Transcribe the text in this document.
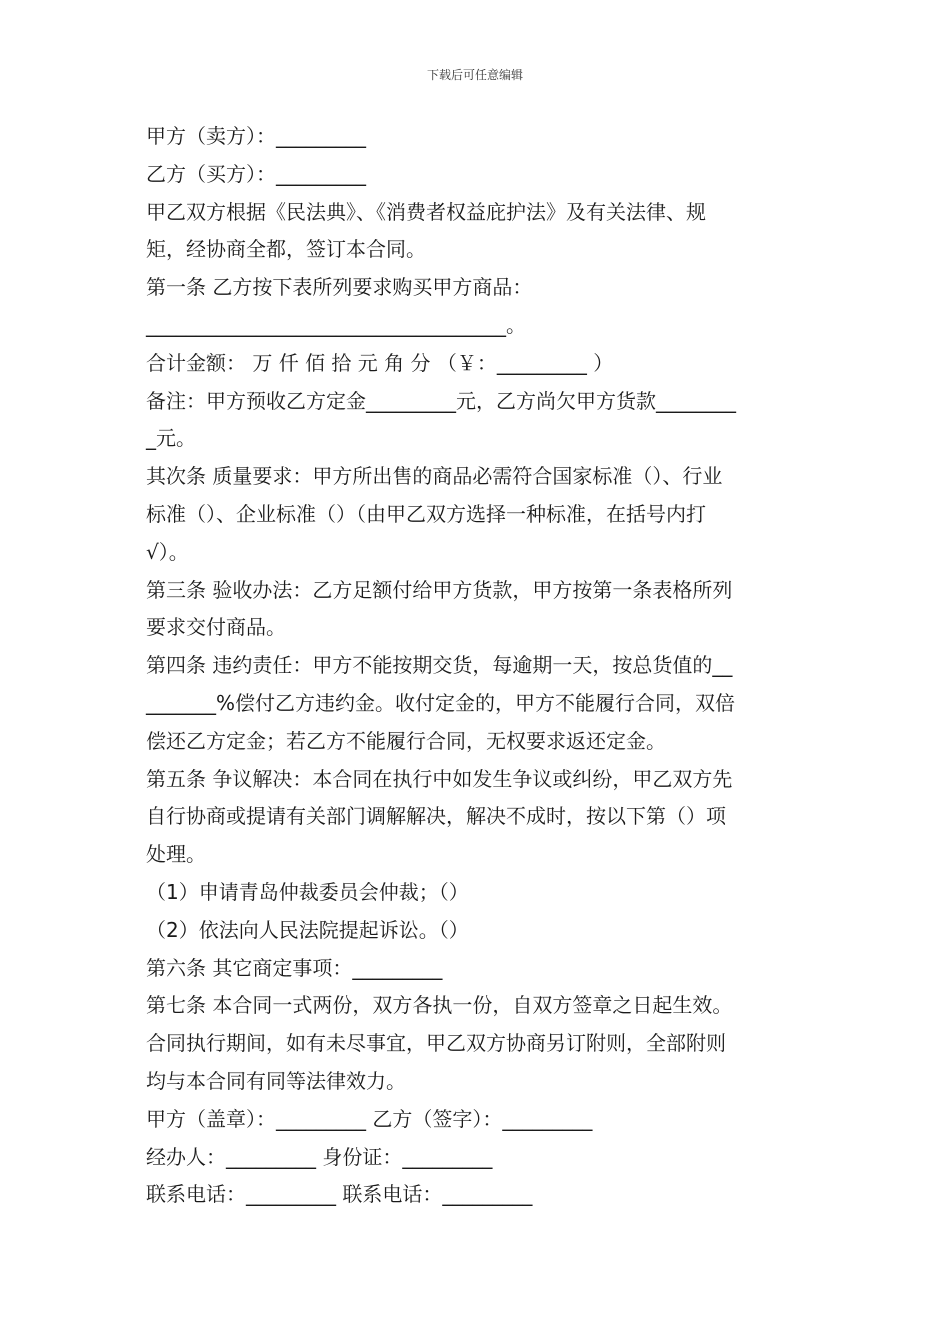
下载后可任意编辑

甲方（卖方）：_________

乙方（买方）：_________

甲乙双方根据《民法典》、《消费者权益庇护法》及有关法律、规

矩，经协商全都，签订本合同。

第一条 乙方按下表所列要求购买甲方商品：

____________________________________。

合计金额： 万 仟 佰 拾 元 角 分 （￥：_________ ）

备注：甲方预收乙方定金_________元，乙方尚欠甲方货款________

_元。

其次条 质量要求：甲方所出售的商品必需符合国家标准（）、行业

标准（）、企业标准（）（由甲乙双方选择一种标准，在括号内打

√）。

第三条 验收办法：乙方足额付给甲方货款，甲方按第一条表格所列

要求交付商品。

第四条 违约责任：甲方不能按期交货，每逾期一天，按总货值的__

_______%偿付乙方违约金。收付定金的，甲方不能履行合同，双倍

偿还乙方定金；若乙方不能履行合同，无权要求返还定金。

第五条 争议解决：本合同在执行中如发生争议或纠纷，甲乙双方先

自行协商或提请有关部门调解解决，解决不成时，按以下第（）项

处理。

（1）申请青岛仲裁委员会仲裁；（）

（2）依法向人民法院提起诉讼。（）

第六条 其它商定事项：_________

第七条 本合同一式两份，双方各执一份，自双方签章之日起生效。

合同执行期间，如有未尽事宜，甲乙双方协商另订附则，全部附则

均与本合同有同等法律效力。

甲方（盖章）：_________ 乙方（签字）：_________

经办人：_________ 身份证：_________

联系电话：_________ 联系电话：_________
